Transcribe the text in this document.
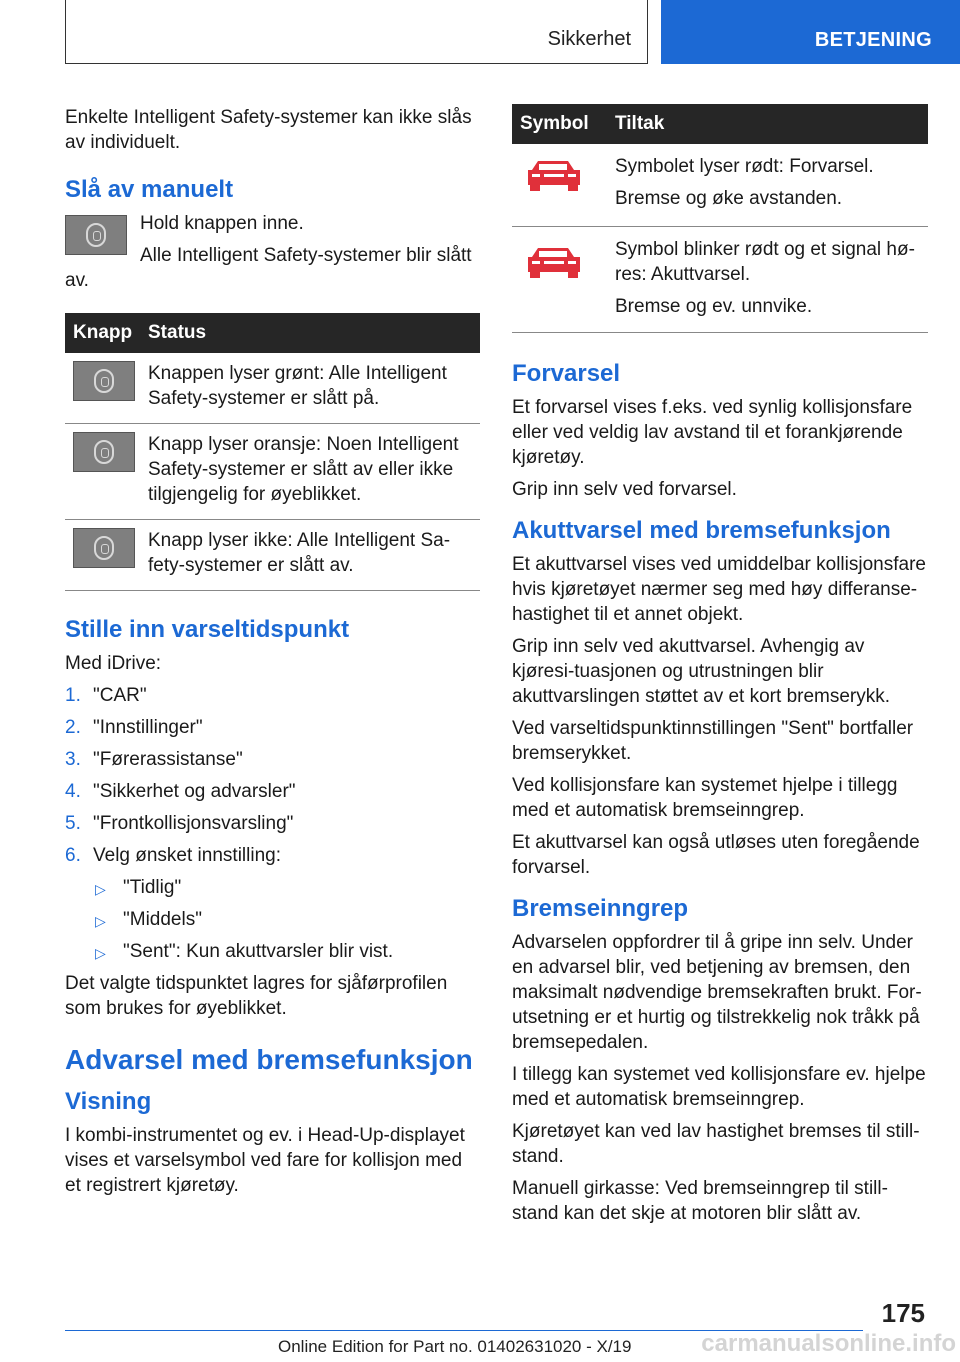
Sikkerhet	BETJENING

Enkelte Intelligent Safety-systemer kan ikke slås av individuelt.

Slå av manuelt

Hold knappen inne.

Alle Intelligent Safety-systemer blir slått av.

Knapp	Status

	Knappen lyser grønt: Alle Intelligent Safety-systemer er slått på.

	Knapp lyser oransje: Noen Intelligent Safety-systemer er slått av eller ikke tilgjengelig for øyeblikket.

	Knapp lyser ikke: Alle Intelligent Sa-fety-systemer er slått av.
Stille inn varseltidspunkt

Med iDrive:

1. "CAR"
2. "Innstillinger"
3. "Førerassistanse"
4. "Sikkerhet og advarsler"
5. "Frontkollisjonsvarsling"
6. Velg ønsket innstilling:
▷ "Tidlig"
▷ "Middels"
▷ "Sent": Kun akuttvarsler blir vist.

Det valgte tidspunktet lagres for sjåførprofilen som brukes for øyeblikket.

Advarsel med bremsefunksjon
Visning

I kombi-instrumentet og ev. i Head-Up-displayet vises et varselsymbol ved fare for kollisjon med et registrert kjøretøy.

Symbol	Tiltak

Symbolet lyser rødt: Forvarsel.

Bremse og øke avstanden.

Symbol blinker rødt og et signal hø-res: Akuttvarsel.

Bremse og ev. unnvike.

Forvarsel

Et forvarsel vises f.eks. ved synlig kollisjonsfare eller ved veldig lav avstand til et forankjørende kjøretøy.

Grip inn selv ved forvarsel.

Akuttvarsel med bremsefunksjon

Et akuttvarsel vises ved umiddelbar kollisjonsfare hvis kjøretøyet nærmer seg med høy differanse-hastighet til et annet objekt.

Grip inn selv ved akuttvarsel. Avhengig av kjøresi-tuasjonen og utrustningen blir akuttvarslingen støttet av et kort bremserykk.

Ved varseltidspunktinnstillingen "Sent" bortfaller bremserykket.

Ved kollisjonsfare kan systemet hjelpe i tillegg med et automatisk bremseinngrep.

Et akuttvarsel kan også utløses uten foregående forvarsel.

Bremseinngrep

Advarselen oppfordrer til å gripe inn selv. Under en advarsel blir, ved betjening av bremsen, den maksimalt nødvendige bremsekraften brukt. For-utsetning er et hurtig og tilstrekkelig nok tråkk på bremsepedalen.

I tillegg kan systemet ved kollisjonsfare ev. hjelpe med et automatisk bremseinngrep.

Kjøretøyet kan ved lav hastighet bremses til still-stand.

Manuell girkasse: Ved bremseinngrep til still-stand kan det skje at motoren blir slått av.

175
Online Edition for Part no. 01402631020 - X/19	carmanualsonline.info
